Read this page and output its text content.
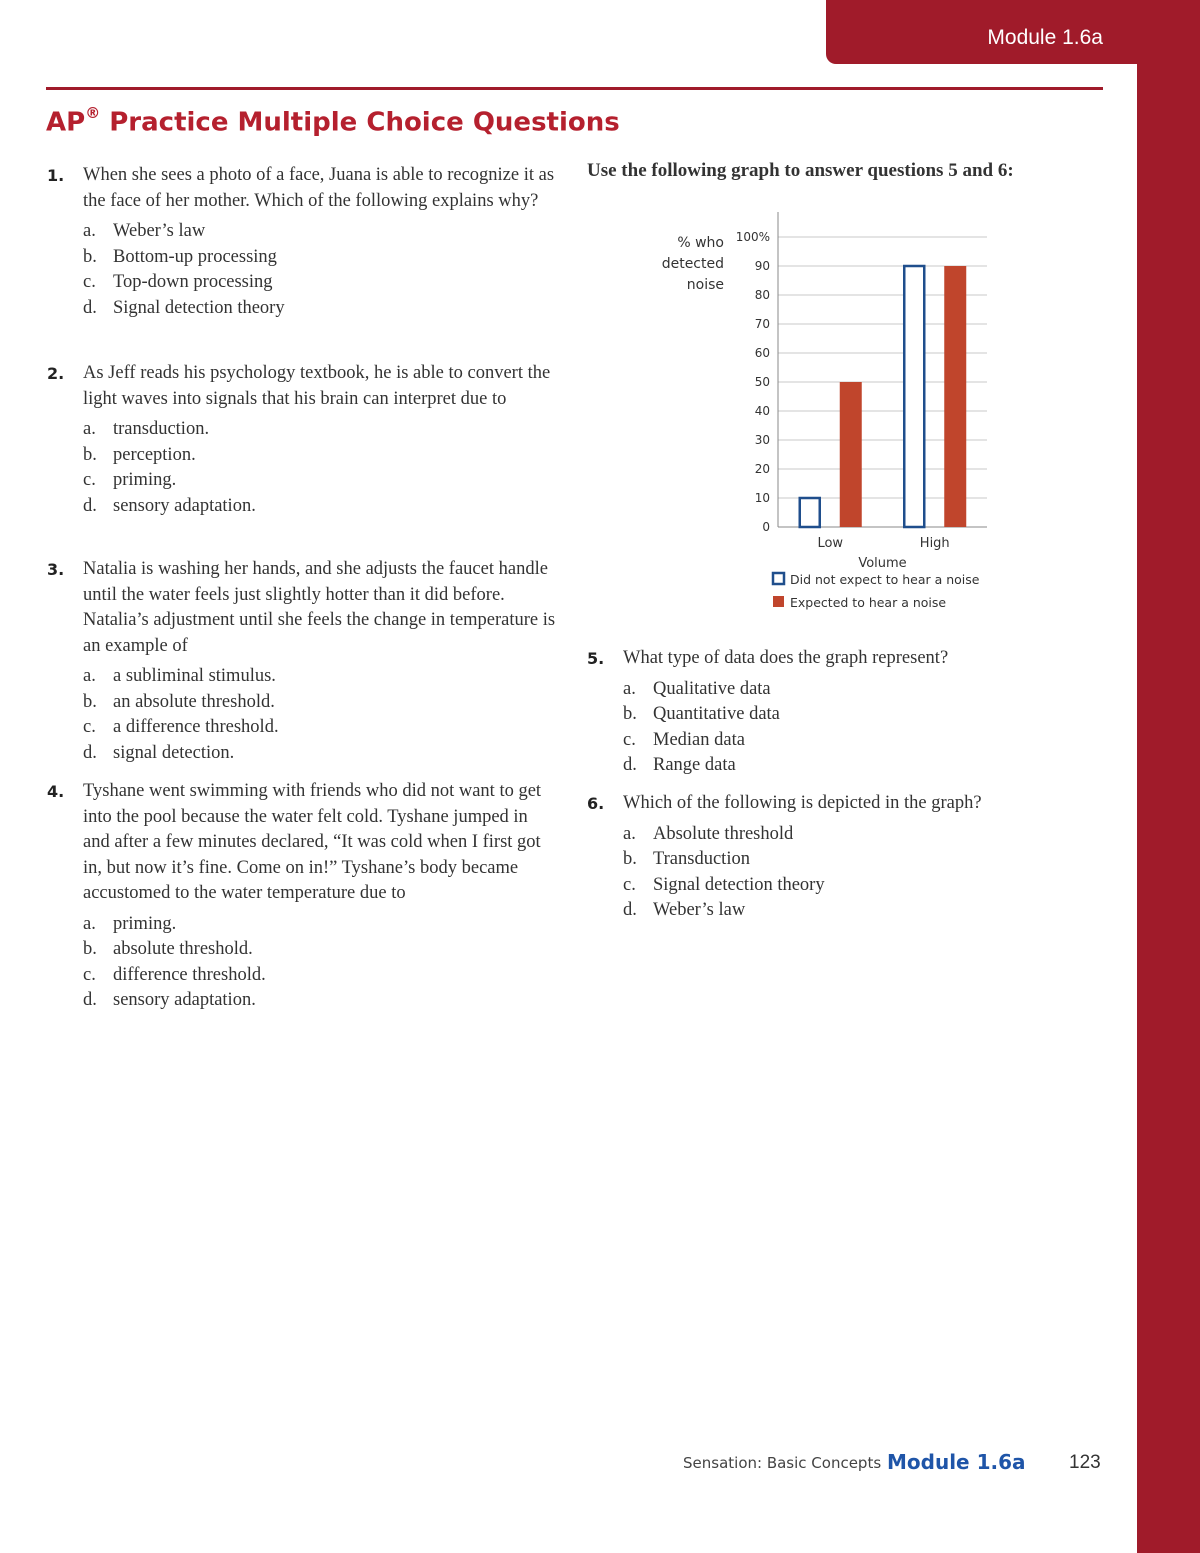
Module 1.6a
AP® Practice Multiple Choice Questions
1. When she sees a photo of a face, Juana is able to recognize it as the face of her mother. Which of the following explains why?
a. Weber’s law
b. Bottom-up processing
c. Top-down processing
d. Signal detection theory
2. As Jeff reads his psychology textbook, he is able to convert the light waves into signals that his brain can interpret due to
a. transduction.
b. perception.
c. priming.
d. sensory adaptation.
3. Natalia is washing her hands, and she adjusts the faucet handle until the water feels just slightly hotter than it did before. Natalia’s adjustment until she feels the change in temperature is an example of
a. a subliminal stimulus.
b. an absolute threshold.
c. a difference threshold.
d. signal detection.
4. Tyshane went swimming with friends who did not want to get into the pool because the water felt cold. Tyshane jumped in and after a few minutes declared, “It was cold when I first got in, but now it’s fine. Come on in!” Tyshane’s body became accustomed to the water temperature due to
a. priming.
b. absolute threshold.
c. difference threshold.
d. sensory adaptation.
Use the following graph to answer questions 5 and 6:
0
10
20
30
40
50
60
70
80
90
100%
% who
detected
noise
Low	High
Volume
Did not expect to hear a noise
Expected to hear a noise
5. What type of data does the graph represent?
a. Qualitative data
b. Quantitative data
c. Median data
d. Range data
6. Which of the following is depicted in the graph?
a. Absolute threshold
b. Transduction
c. Signal detection theory
d. Weber’s law
Sensation: Basic Concepts Module 1.6a 123
